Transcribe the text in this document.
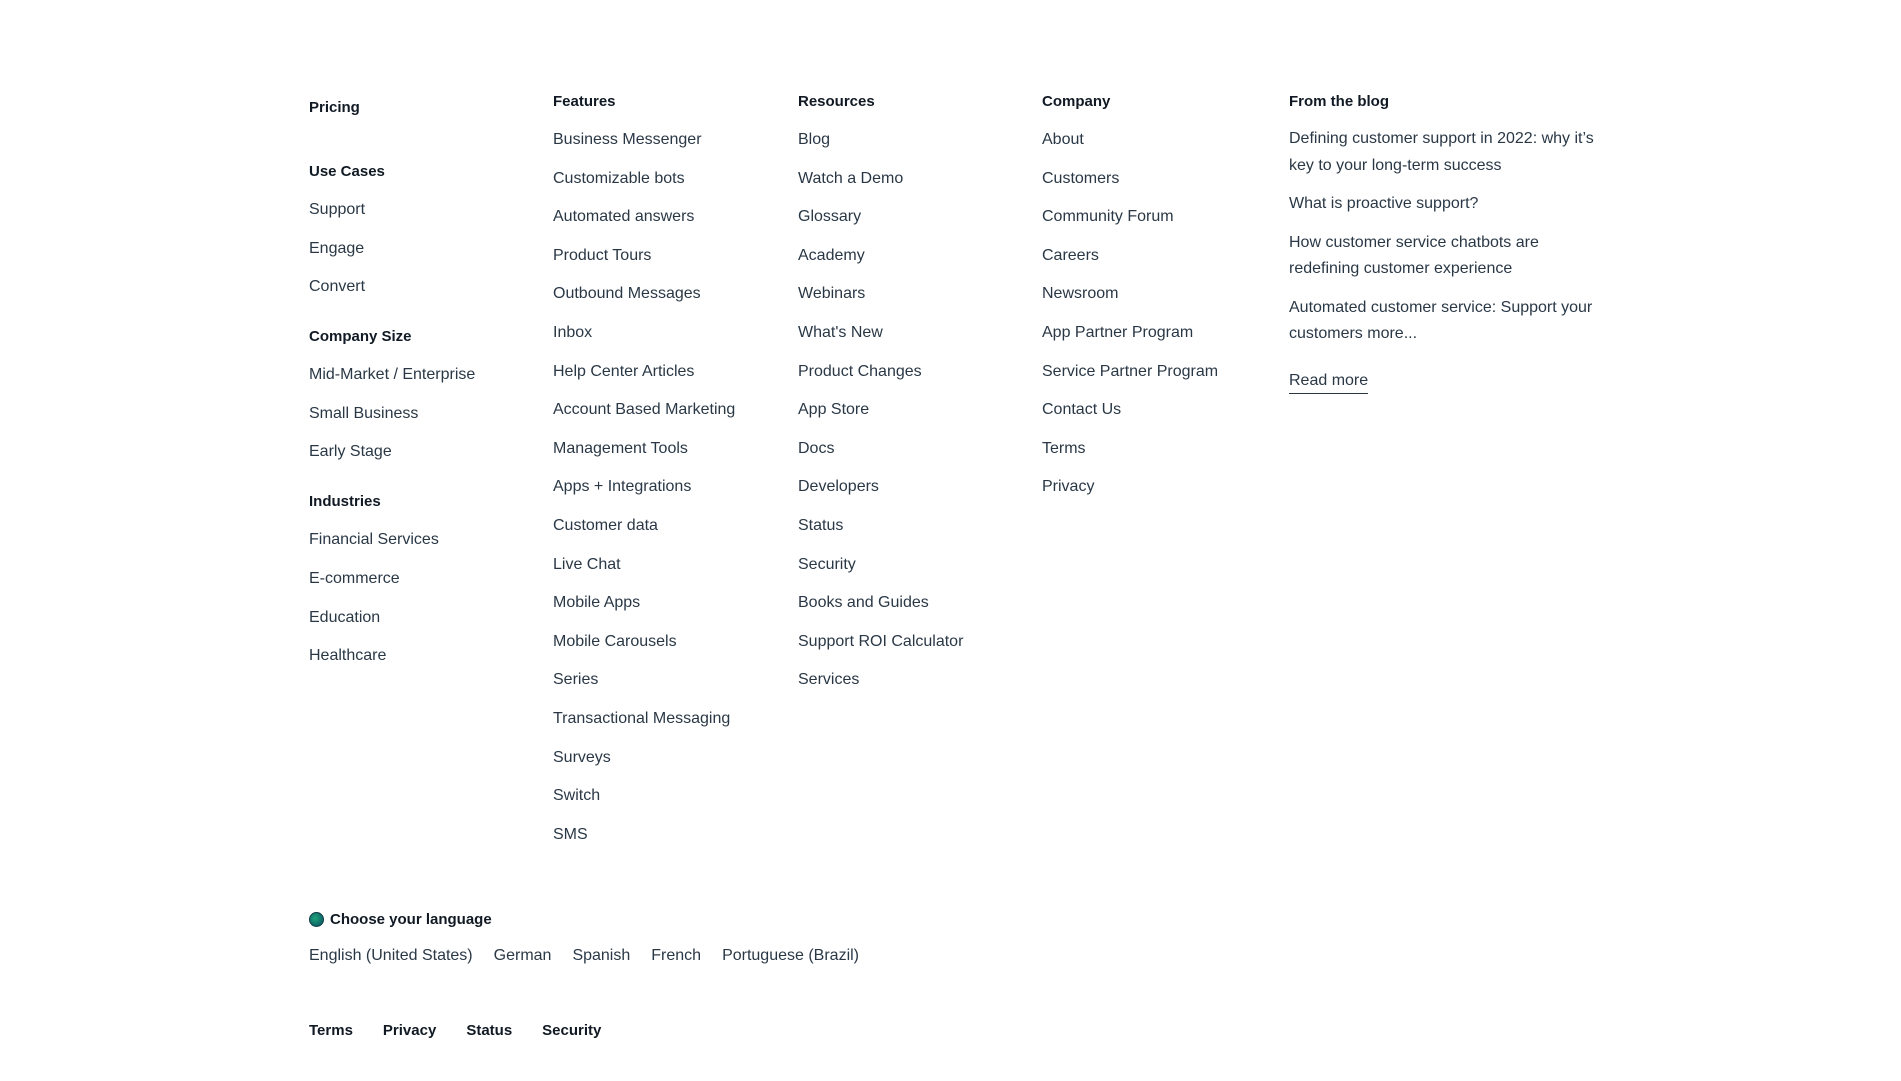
Pricing
Use Cases
Support
Engage
Convert
Company Size
Mid-Market / Enterprise
Small Business
Early Stage
Industries
Financial Services
E-commerce
Education
Healthcare
Features
Business Messenger
Customizable bots
Automated answers
Product Tours
Outbound Messages
Inbox
Help Center Articles
Account Based Marketing
Management Tools
Apps + Integrations
Customer data
Live Chat
Mobile Apps
Mobile Carousels
Series
Transactional Messaging
Surveys
Switch
SMS
Resources
Blog
Watch a Demo
Glossary
Academy
Webinars
What's New
Product Changes
App Store
Docs
Developers
Status
Security
Books and Guides
Support ROI Calculator
Services
Company
About
Customers
Community Forum
Careers
Newsroom
App Partner Program
Service Partner Program
Contact Us
Terms
Privacy
From the blog
Defining customer support in 2022: why it’s key to your long-term success
What is proactive support?
How customer service chatbots are redefining customer experience
Automated customer service: Support your customers more...
Read more
Choose your language
English (United States) German Spanish French Portuguese (Brazil)
Terms Privacy Status Security
